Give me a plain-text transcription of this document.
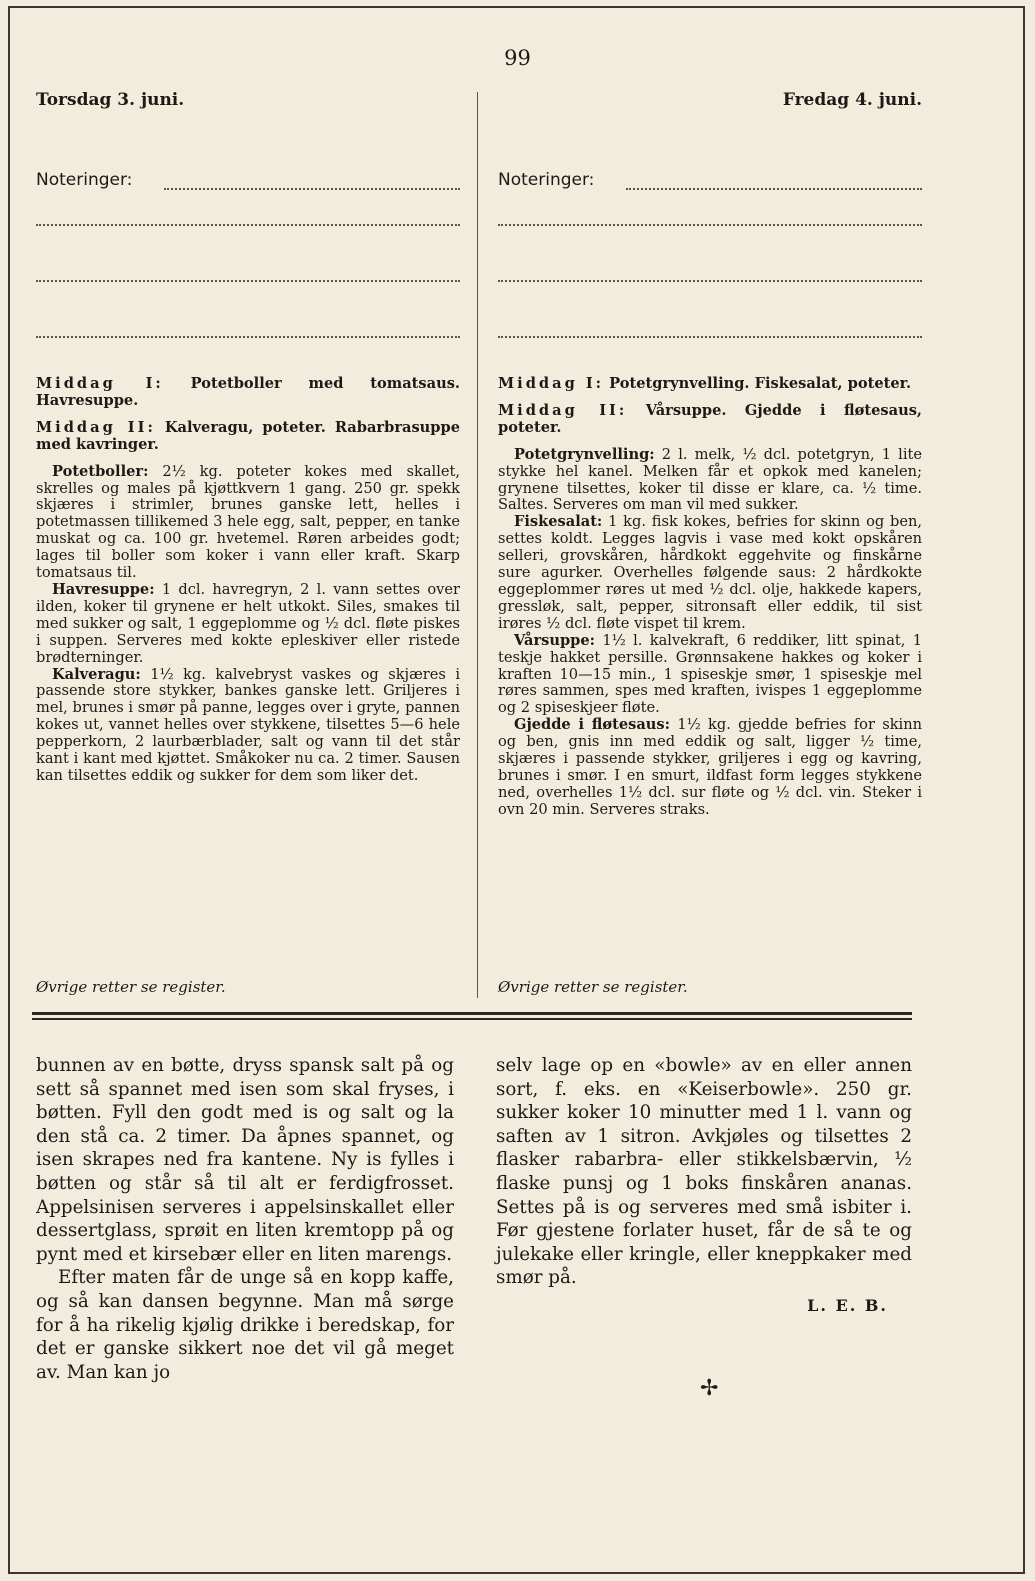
99
Torsdag 3. juni.
Noteringer:
Middag I: Potetboller med tomatsaus. Havresuppe.
Middag II: Kalveragu, poteter. Rabarbrasuppe med kavringer.

Potetboller: 2½ kg. poteter kokes med skallet, skrelles og males på kjøttkvern 1 gang. 250 gr. spekk skjæres i strimler, brunes ganske lett, helles i potetmassen tillikemed 3 hele egg, salt, pepper, en tanke muskat og ca. 100 gr. hvetemel. Røren arbeides godt; lages til boller som koker i vann eller kraft. Skarp tomatsaus til.

Havresuppe: 1 dcl. havregryn, 2 l. vann settes over ilden, koker til grynene er helt utkokt. Siles, smakes til med sukker og salt, 1 eggeplomme og ½ dcl. fløte piskes i suppen. Serveres med kokte epleskiver eller ristede brødterninger.

Kalveragu: 1½ kg. kalvebryst vaskes og skjæres i passende store stykker, bankes ganske lett. Griljeres i mel, brunes i smør på panne, legges over i gryte, pannen kokes ut, vannet helles over stykkene, tilsettes 5—6 hele pepperkorn, 2 laurbærblader, salt og vann til det står kant i kant med kjøttet. Småkoker nu ca. 2 timer. Sausen kan tilsettes eddik og sukker for dem som liker det.

Øvrige retter se register.
Fredag 4. juni.
Noteringer:
Middag I: Potetgrynvelling. Fiskesalat, poteter.
Middag II: Vårsuppe. Gjedde i fløtesaus, poteter.

Potetgrynvelling: 2 l. melk, ½ dcl. potetgryn, 1 lite stykke hel kanel. Melken får et opkok med kanelen; grynene tilsettes, koker til disse er klare, ca. ½ time. Saltes. Serveres om man vil med sukker.

Fiskesalat: 1 kg. fisk kokes, befries for skinn og ben, settes koldt. Legges lagvis i vase med kokt opskåren selleri, grovskåren, hårdkokt eggehvite og finskårne sure agurker. Overhelles følgende saus: 2 hårdkokte eggeplommer røres ut med ½ dcl. olje, hakkede kapers, gressløk, salt, pepper, sitronsaft eller eddik, til sist irøres ½ dcl. fløte vispet til krem.

Vårsuppe: 1½ l. kalvekraft, 6 reddiker, litt spinat, 1 teskje hakket persille. Grønnsakene hakkes og koker i kraften 10—15 min., 1 spiseskje smør, 1 spiseskje mel røres sammen, spes med kraften, ivispes 1 eggeplomme og 2 spiseskjeer fløte.

Gjedde i fløtesaus: 1½ kg. gjedde befries for skinn og ben, gnis inn med eddik og salt, ligger ½ time, skjæres i passende stykker, griljeres i egg og kavring, brunes i smør. I en smurt, ildfast form legges stykkene ned, overhelles 1½ dcl. sur fløte og ½ dcl. vin. Steker i ovn 20 min. Serveres straks.

Øvrige retter se register.

bunnen av en bøtte, dryss spansk salt på og sett så spannet med isen som skal fryses, i bøtten. Fyll den godt med is og salt og la den stå ca. 2 timer. Da åpnes spannet, og isen skrapes ned fra kantene. Ny is fylles i bøtten og står så til alt er ferdigfrosset. Appelsinisen serveres i appelsinskallet eller dessertglass, sprøit en liten kremtopp på og pynt med et kirsebær eller en liten marengs.

Efter maten får de unge så en kopp kaffe, og så kan dansen begynne. Man må sørge for å ha rikelig kjølig drikke i beredskap, for det er ganske sikkert noe det vil gå meget av. Man kan jo

selv lage op en «bowle» av en eller annen sort, f. eks. en «Keiserbowle». 250 gr. sukker koker 10 minutter med 1 l. vann og saften av 1 sitron. Avkjøles og tilsettes 2 flasker rabarbra- eller stikkelsbærvin, ½ flaske punsj og 1 boks finskåren ananas. Settes på is og serveres med små isbiter i. Før gjestene forlater huset, får de så te og julekake eller kringle, eller kneppkaker med smør på.

L. E. B.
✢
